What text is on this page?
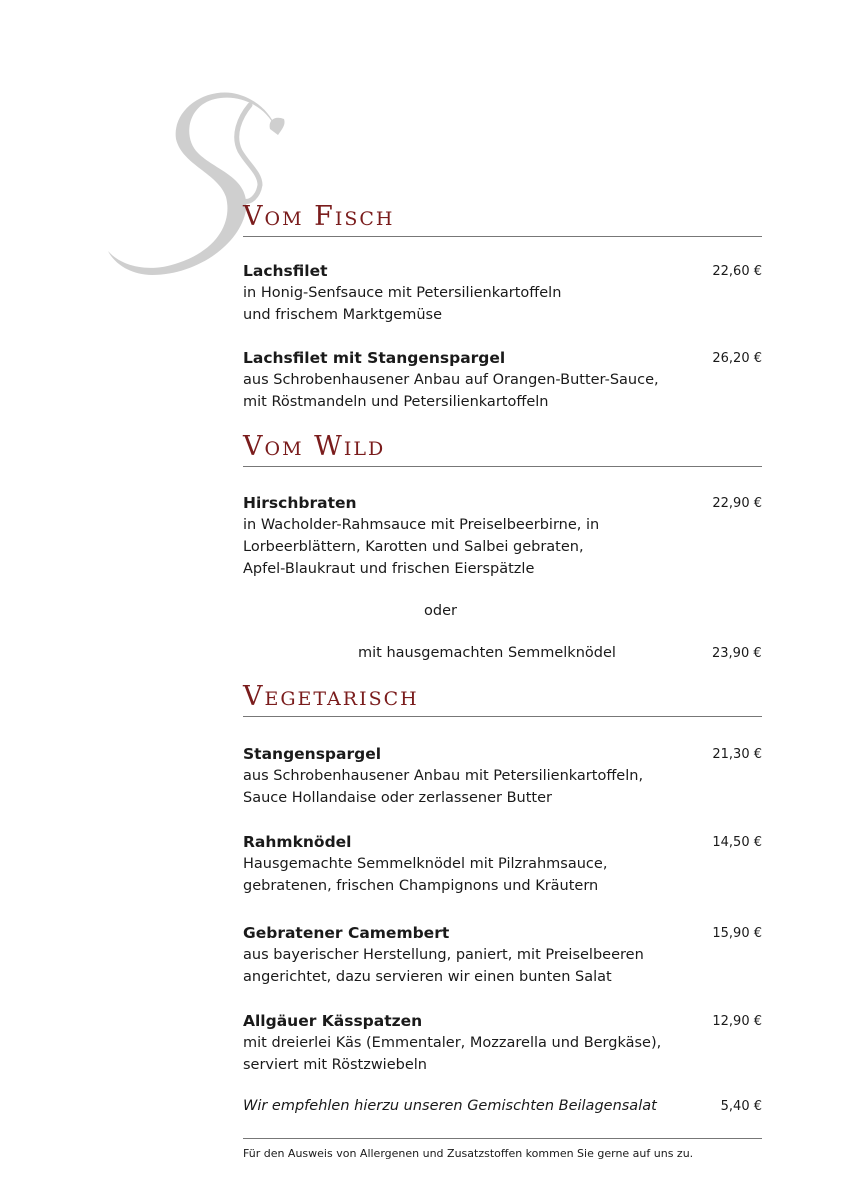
Vom Fisch
Lachsfilet
in Honig-Senfsauce mit Petersilienkartoffeln
und frischem Marktgemüse
22,60 €
Lachsfilet mit Stangenspargel
aus Schrobenhausener Anbau auf Orangen-Butter-Sauce,
mit Röstmandeln und Petersilienkartoffeln
26,20 €
Vom Wild
Hirschbraten
in Wacholder-Rahmsauce mit Preiselbeerbirne, in
Lorbeerblättern, Karotten und Salbei gebraten,
Apfel-Blaukraut und frischen Eierspätzle
22,90 €
oder
mit hausgemachten Semmelknödel	23,90 €
Vegetarisch
Stangenspargel
aus Schrobenhausener Anbau mit Petersilienkartoffeln,
Sauce Hollandaise oder zerlassener Butter
21,30 €
Rahmknödel
Hausgemachte Semmelknödel mit Pilzrahmsauce,
gebratenen, frischen Champignons und Kräutern
14,50 €
Gebratener Camembert
aus bayerischer Herstellung, paniert, mit Preiselbeeren
angerichtet, dazu servieren wir einen bunten Salat
15,90 €
Allgäuer Kässpatzen
mit dreierlei Käs (Emmentaler, Mozzarella und Bergkäse),
serviert mit Röstzwiebeln
12,90 €
Wir empfehlen hierzu unseren Gemischten Beilagensalat	5,40 €
Für den Ausweis von Allergenen und Zusatzstoffen kommen Sie gerne auf uns zu.
